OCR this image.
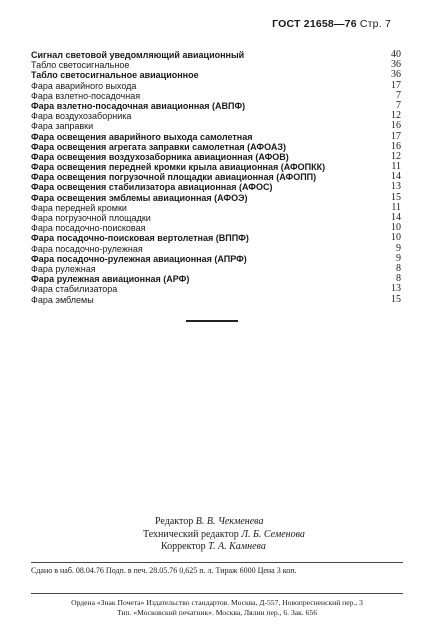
ГОСТ 21658—76 Стр. 7
Сигнал световой уведомляющий авиационный	40
Табло светосигнальное	36
Табло светосигнальное авиационное	36
Фара аварийного выхода	17
Фара взлетно-посадочная	7
Фара взлетно-посадочная авиационная (АВПФ)	7
Фара воздухозаборника	12
Фара заправки	16
Фара освещения аварийного выхода самолетная	17
Фара освещения агрегата заправки самолетная (АФОАЗ)	16
Фара освещения воздухозаборника авиационная (АФОВ)	12
Фара освещения передней кромки крыла авиационная (АФОПКК)	11
Фара освещения погрузочной площадки авиационная (АФОПП)	14
Фара освещения стабилизатора авиационная (АФОС)	13
Фара освещения эмблемы авиационная (АФОЭ)	15
Фара передней кромки	11
Фара погрузочной площадки	14
Фара посадочно-поисковая	10
Фара посадочно-поисковая вертолетная (ВППФ)	10
Фара посадочно-рулежная	9
Фара посадочно-рулежная авиационная (АПРФ)	9
Фара рулежная	8
Фара рулежная авиационная (АРФ)	8
Фара стабилизатора	13
Фара эмблемы	15
Редактор В. В. Чекменева
Технический редактор Л. Б. Семенова
Корректор Т. А. Камнева
Сдано в наб. 08.04.76 Подп. в печ. 28.05.76 0,625 п. л. Тираж 6000 Цена 3 коп.
Ордена «Знак Почета» Издательство стандартов. Москва, Д-557, Новопресненский пер., 3
Тип. «Московский печатник». Москва, Лялин пер., 6. Зак. 656
